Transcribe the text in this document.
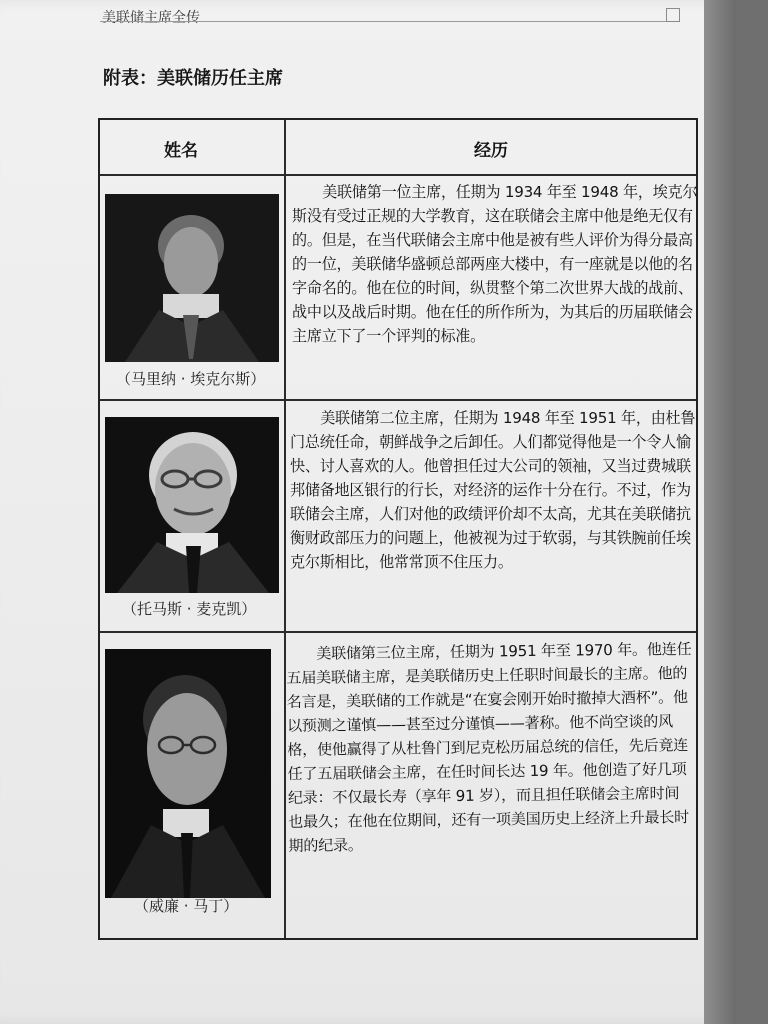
美联储主席全传
附表：美联储历任主席
姓名	经历
（马里纳 · 埃克尔斯）
美联储第一位主席，任期为 1934 年至 1948 年，埃克尔斯没有受过正规的大学教育，这在联储会主席中他是绝无仅有的。但是，在当代联储会主席中他是被有些人评价为得分最高的一位，美联储华盛顿总部两座大楼中，有一座就是以他的名字命名的。他在位的时间，纵贯整个第二次世界大战的战前、战中以及战后时期。他在任的所作所为，为其后的历届联储会主席立下了一个评判的标准。
（托马斯 · 麦克凯）
美联储第二位主席，任期为 1948 年至 1951 年，由杜鲁门总统任命，朝鲜战争之后卸任。人们都觉得他是一个令人愉快、讨人喜欢的人。他曾担任过大公司的领袖，又当过费城联邦储备地区银行的行长，对经济的运作十分在行。不过，作为联储会主席，人们对他的政绩评价却不太高，尤其在美联储抗衡财政部压力的问题上，他被视为过于软弱，与其铁腕前任埃克尔斯相比，他常常顶不住压力。
（威廉 · 马丁）
美联储第三位主席，任期为 1951 年至 1970 年。他连任五届美联储主席，是美联储历史上任职时间最长的主席。他的名言是，美联储的工作就是“在宴会刚开始时撤掉大酒杯”。他以预测之谨慎——甚至过分谨慎——著称。他不尚空谈的风格，使他赢得了从杜鲁门到尼克松历届总统的信任，先后竟连任了五届联储会主席，在任时间长达 19 年。他创造了好几项纪录：不仅最长寿（享年 91 岁），而且担任联储会主席时间也最久；在他在位期间，还有一项美国历史上经济上升最长时期的纪录。
